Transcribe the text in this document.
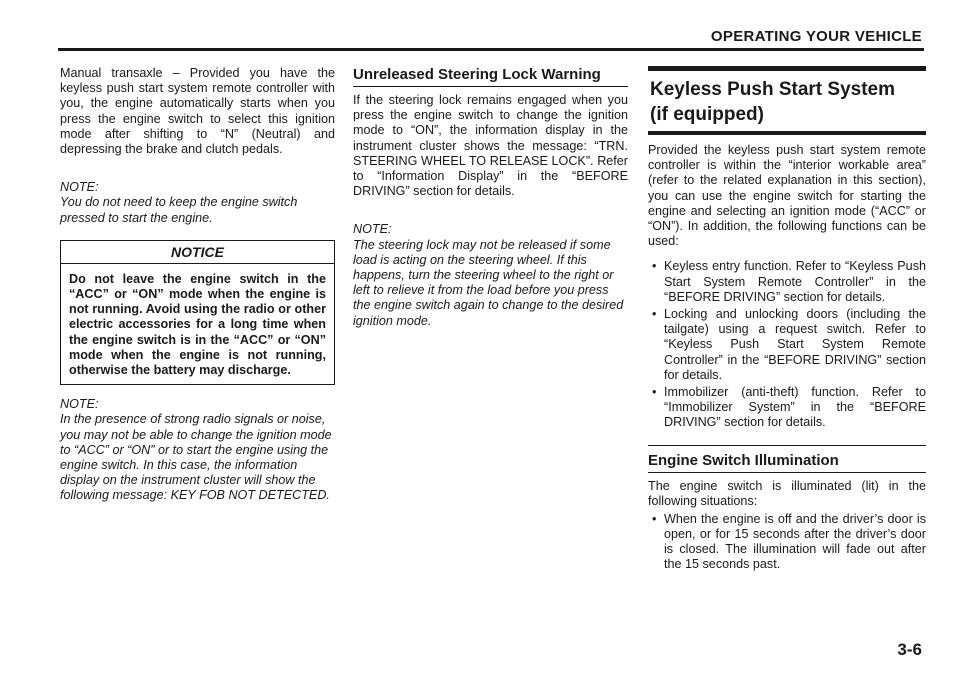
OPERATING YOUR VEHICLE

Manual transaxle – Provided you have the keyless push start system remote controller with you, the engine automatically starts when you press the engine switch to select this ignition mode after shifting to “N” (Neutral) and depressing the brake and clutch pedals.

NOTE:

You do not need to keep the engine switch pressed to start the engine.

NOTICE
Do not leave the engine switch in the “ACC” or “ON” mode when the engine is not running. Avoid using the radio or other electric accessories for a long time when the engine switch is in the “ACC” or “ON” mode when the engine is not running, otherwise the battery may discharge.

NOTE:

In the presence of strong radio signals or noise, you may not be able to change the ignition mode to “ACC” or “ON” or to start the engine using the engine switch. In this case, the information display on the instrument cluster will show the following message: KEY FOB NOT DETECTED.

Unreleased Steering Lock Warning

If the steering lock remains engaged when you press the engine switch to change the ignition mode to “ON”, the information display in the instrument cluster shows the message: “TRN. STEERING WHEEL TO RELEASE LOCK”. Refer to “Information Display” in the “BEFORE DRIVING” section for details.

NOTE:

The steering lock may not be released if some load is acting on the steering wheel. If this happens, turn the steering wheel to the right or left to relieve it from the load before you press the engine switch again to change to the desired ignition mode.

Keyless Push Start System
(if equipped)

Provided the keyless push start system remote controller is within the “interior workable area” (refer to the related explanation in this section), you can use the engine switch for starting the engine and selecting an ignition mode (“ACC” or “ON”). In addition, the following functions can be used:

• Keyless entry function. Refer to “Keyless Push Start System Remote Controller” in the “BEFORE DRIVING” section for details.
• Locking and unlocking doors (including the tailgate) using a request switch. Refer to “Keyless Push Start System Remote Controller” in the “BEFORE DRIVING” section for details.
• Immobilizer (anti-theft) function. Refer to “Immobilizer System” in the “BEFORE DRIVING” section for details.
Engine Switch Illumination

The engine switch is illuminated (lit) in the following situations:

• When the engine is off and the driver’s door is open, or for 15 seconds after the driver’s door is closed. The illumination will fade out after the 15 seconds past.
3-6
